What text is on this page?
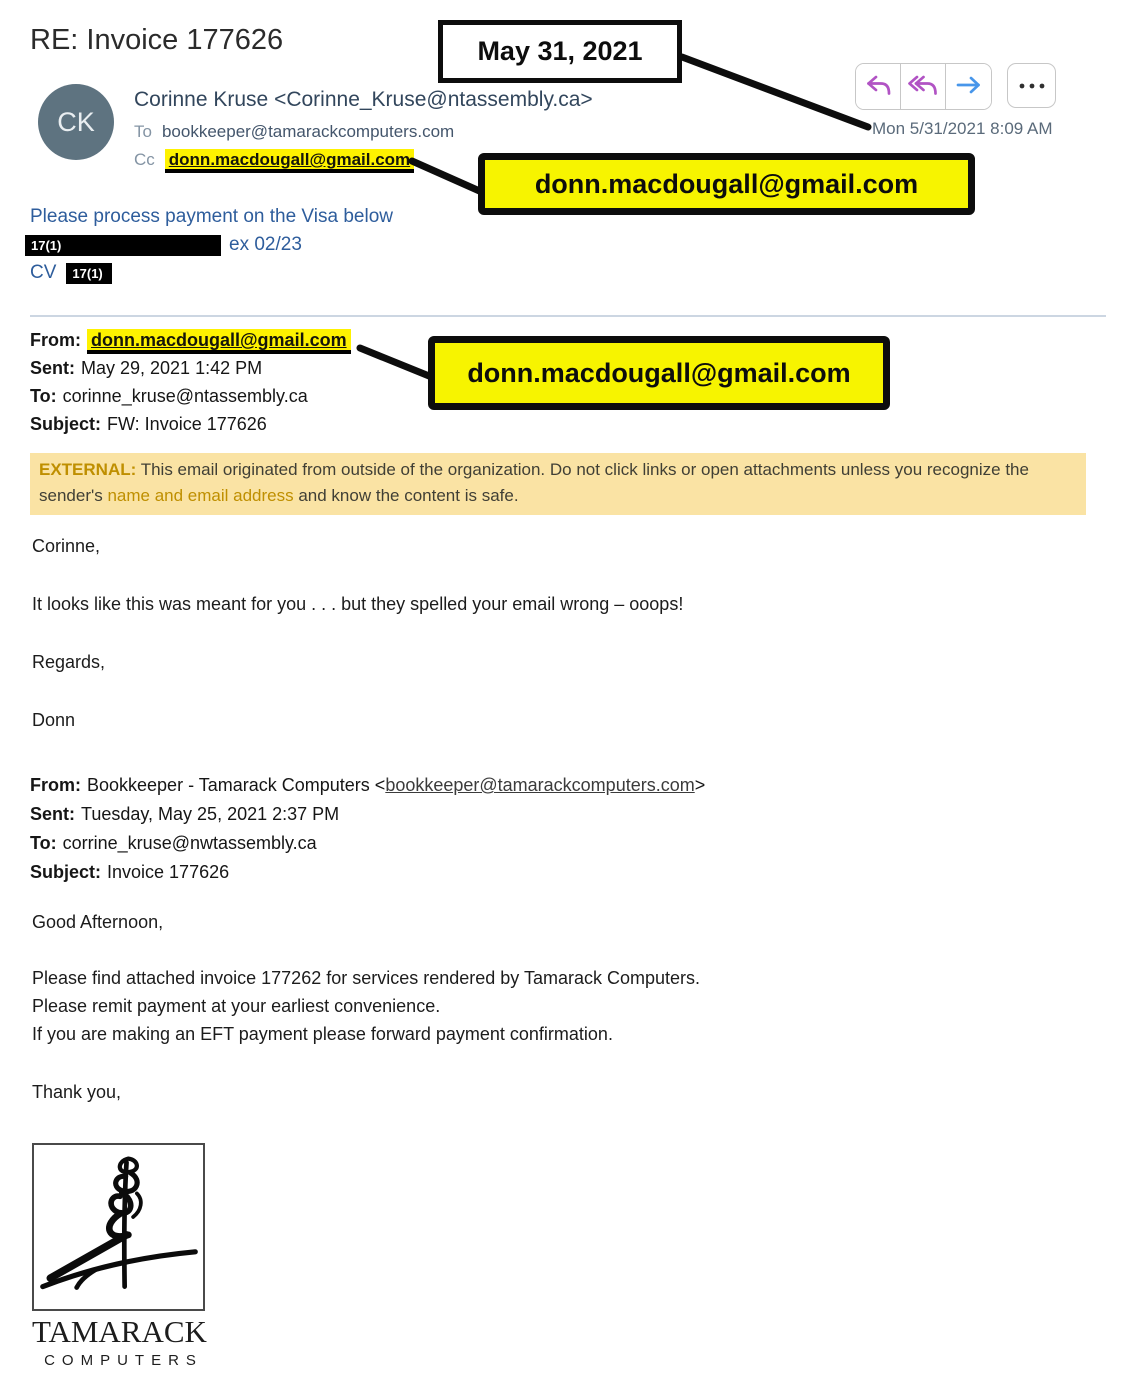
RE: Invoice 177626
Mon 5/31/2021 8:09 AM
CK
Corinne Kruse <Corinne_Kruse@ntassembly.ca>
To bookkeeper@tamarackcomputers.com
Cc donn.macdougall@gmail.com
Please process payment on the Visa below
17(1)	ex 02/23
CV	17(1)
From: donn.macdougall@gmail.com
Sent: May 29, 2021 1:42 PM
To: corinne_kruse@ntassembly.ca
Subject: FW: Invoice 177626
EXTERNAL: This email originated from outside of the organization. Do not click links or open attachments unless you recognize the sender's name and email address and know the content is safe.
Corinne,
It looks like this was meant for you . . . but they spelled your email wrong – ooops!
Regards,
Donn
From: Bookkeeper - Tamarack Computers <bookkeeper@tamarackcomputers.com>
Sent: Tuesday, May 25, 2021 2:37 PM
To: corrine_kruse@nwtassembly.ca
Subject: Invoice 177626
Good Afternoon,
Please find attached invoice 177262 for services rendered by Tamarack Computers.
Please remit payment at your earliest convenience.
If you are making an EFT payment please forward payment confirmation.
Thank you,
TAMARACK
COMPUTERS
May 31, 2021
donn.macdougall@gmail.com
donn.macdougall@gmail.com
